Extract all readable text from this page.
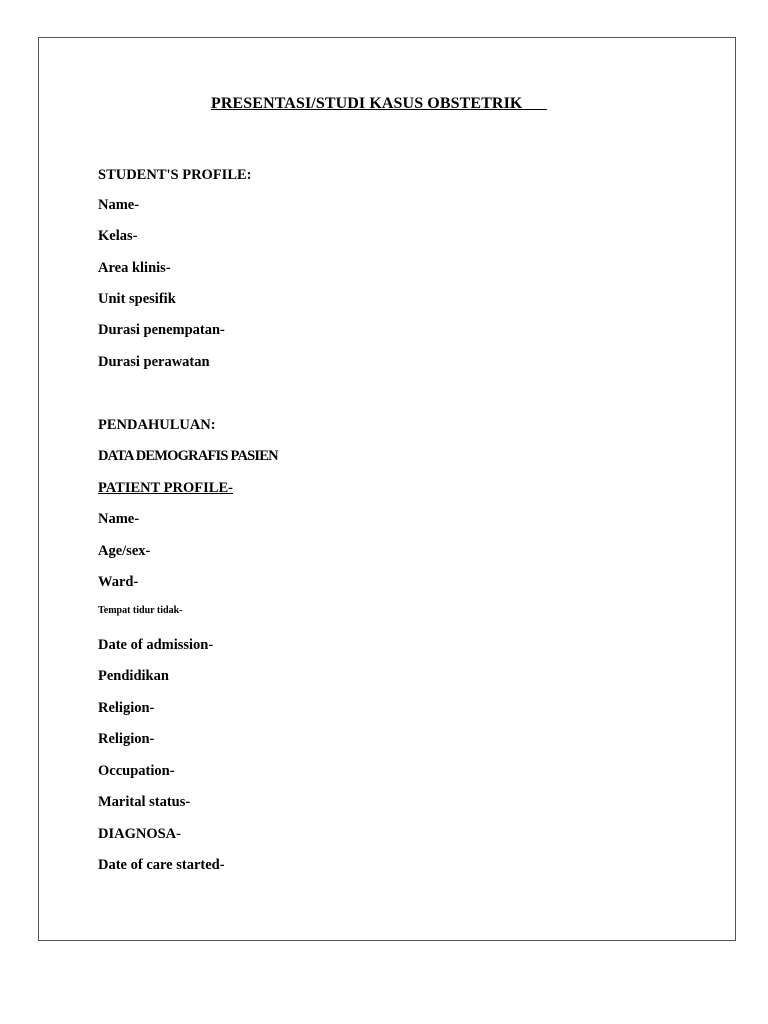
PRESENTASI/STUDI KASUS OBSTETRIK
STUDENT'S PROFILE:
Name-
Kelas-
Area klinis-
Unit spesifik
Durasi penempatan-
Durasi perawatan
PENDAHULUAN:
DATA DEMOGRAFIS PASIEN
PATIENT PROFILE-
Name-
Age/sex-
Ward-
Tempat tidur tidak-
Date of admission-
Pendidikan
Religion-
Religion-
Occupation-
Marital status-
DIAGNOSA-
Date of care started-
